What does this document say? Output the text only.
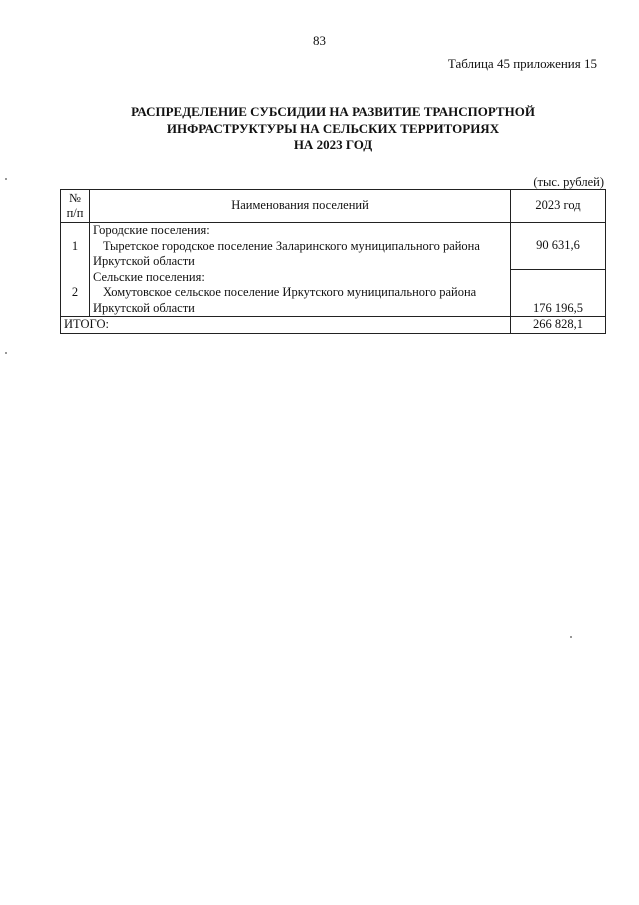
83
Таблица 45 приложения 15
РАСПРЕДЕЛЕНИЕ СУБСИДИИ НА РАЗВИТИЕ ТРАНСПОРТНОЙ
ИНФРАСТРУКТУРЫ НА СЕЛЬСКИХ ТЕРРИТОРИЯХ
НА 2023 ГОД
(тыс. рублей)
№
п/п	Наименования поселений	2023 год
1	Городские поселения:	90 631,6

	Тыретское городское поселение Заларинского муниципального района	

	Иркутской области	
2	Сельские поселения:	176 196,5

	Хомутовское сельское поселение Иркутского муниципального района	

	Иркутской области	
ИТОГО:		266 828,1
